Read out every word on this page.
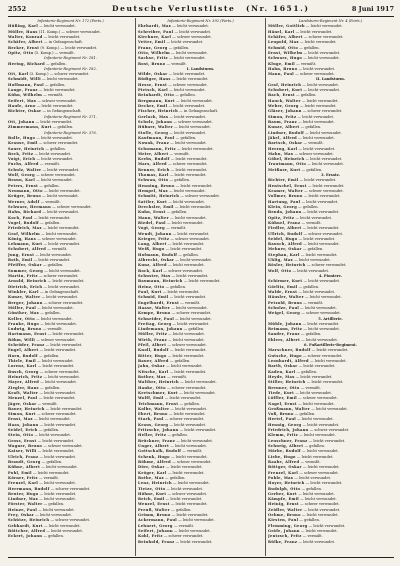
2552	Deutsche Verlustliste (Nr. 1651.)	8 Juni 1917
Infanterie-Regiment Nr. 172 (Forts.)
Hüßing, Karl — leicht verwundet.
Müller, Hans (11. Komp.) — schwer verwundet.
Walter, Konrad — leicht verwundet.
Schäfer, Albert — in Gefangenschaft.
Becker, Ernst (9. Komp.) — leicht verwundet.
Opitz, Otto (5. Komp.) — vermißt.
Infanterie-Regiment Nr. 181.
Hering, Richard — gefallen.
Infanterie-Regiment Nr. 182.
Ott, Karl (3. Komp.) — schwer verwundet.
Schmidt, Willi — leicht verwundet.
Hoffmann, Paul — gefallen.
Lange, Franz — leicht verwundet.
Kühn, Wilhelm — vermißt.
Seifert, Max — schwer verwundet.
Haufe, Arno — leicht verwundet.
Richter, Oskar — in Gefangenschaft.
Infanterie-Regiment Nr. 371.
Ott, Johann — leicht verwundet.
Zimmermann, Kurt — gefallen.
Infanterie-Regiment Nr. 376.
Bolle, Hugo — leicht verwundet.
Krause, Emil — schwer verwundet.
Sauer, Heinrich — gefallen.
Beck, Fritz — leicht verwundet.
Voigt, Erich — leicht verwundet.
Fuchs, Alfred — vermißt.
Schulz, Walter — leicht verwundet.
Wolf, Georg — schwer verwundet.
Braun, Karl — leicht verwundet.
Peters, Ernst — gefallen.
Neumann, Otto — leicht verwundet.
Krüger, Bruno — leicht verwundet.
Werner, Adolf — vermißt.
Schwarz, Hermann — schwer verwundet.
Hahn, Richard — leicht verwundet.
Koch, Paul — leicht verwundet.
Vogel, Rudolf — gefallen.
Friedrich, Max — leicht verwundet.
Graf, Wilhelm — leicht verwundet.
König, Hans — schwer verwundet.
Lehmann, Kurt — leicht verwundet.
Schubert, Alfred — vermißt.
Jung, Ernst — leicht verwundet.
Roth, Emil — leicht verwundet.
Pfeiffer, Oskar — gefallen.
Sommer, Georg — leicht verwundet.
Martin, Fritz — schwer verwundet.
Arnold, Heinrich — leicht verwundet.
Dietrich, Erich — leicht verwundet.
Winkler, Karl — in Gefangenschaft.
Kunze, Walter — leicht verwundet.
Berger, Johann — schwer verwundet.
Möller, Paul — leicht verwundet.
Günther, Max — gefallen.
Keller, Otto — leicht verwundet.
Franke, Hugo — leicht verwundet.
Ludwig, Bruno — vermißt.
Hartmann, Ernst — leicht verwundet.
Böhm, Willi — schwer verwundet.
Schröder, Franz — leicht verwundet.
Engel, Albert — leicht verwundet.
Horn, Rudolf — gefallen.
Thiele, Emil — leicht verwundet.
Lorenz, Karl — leicht verwundet.
Busch, Georg — schwer verwundet.
Heinrich, Fritz — leicht verwundet.
Mayer, Alfred — leicht verwundet.
Ziegler, Hans — gefallen.
Kraft, Walter — leicht verwundet.
Menzel, Paul — leicht verwundet.
Jäger, Oskar — vermißt.
Bauer, Heinrich — leicht verwundet.
Simon, Kurt — schwer verwundet.
Ernst, Max — leicht verwundet.
Haas, Johann — leicht verwundet.
Seidel, Erich — gefallen.
Stein, Otto — leicht verwundet.
Gross, Ernst — leicht verwundet.
Wagner, Bruno — schwer verwundet.
Kaiser, Willi — leicht verwundet.
Ulrich, Franz — leicht verwundet.
Brandt, Georg — gefallen.
Kühne, Albert — leicht verwundet.
Pohl, Emil — leicht verwundet.
Körner, Fritz — vermißt.
Frenzel, Karl — leicht verwundet.
Herrmann, Rudolf — schwer verwundet.
Reuter, Hugo — leicht verwundet.
Lindner, Max — leicht verwundet.
Förster, Walter — gefallen.
Heinze, Paul — leicht verwundet.
Frey, Oskar — leicht verwundet.
Schütze, Heinrich — schwer verwundet.
Gebhardt, Kurt — leicht verwundet.
Böttcher, Alfred — leicht verwundet.
Eckert, Johann — gefallen.
Infanterie-Regiment Nr. 392 (Forts.)
Ehrhardt, Max — leicht verwundet.
Schreiber, Paul — leicht verwundet.
Kirchner, Karl — schwer verwundet.
Vetter, Emil — leicht verwundet.
Franz, Georg — gefallen.
Otto, Wilhelm — leicht verwundet.
Sachse, Fritz — leicht verwundet.
Rost, Bruno — vermißt.
I. Landsturm.
Wilde, Oskar — leicht verwundet.
Rüdiger, Hans — leicht verwundet.
Hesse, Ernst — schwer verwundet.
Pietsch, Karl — leicht verwundet.
Reinhardt, Otto — gefallen.
Bergmann, Kurt — leicht verwundet.
Decker, Emil — leicht verwundet.
Fischer, Heinrich — in Gefangenschaft.
Gerlach, Max — leicht verwundet.
Scholz, Johann — schwer verwundet.
Hübner, Walter — leicht verwundet.
Stolle, Georg — leicht verwundet.
Kaufmann, Paul — gefallen.
Nowak, Franz — leicht verwundet.
Schumann, Fritz — leicht verwundet.
Meier, Albert — vermißt.
Krebs, Rudolf — leicht verwundet.
Marx, Alfred — schwer verwundet.
Renner, Erich — leicht verwundet.
Thomas, Karl — leicht verwundet.
Schwan, Otto — gefallen.
Henning, Bruno — leicht verwundet.
Hempel, Max — leicht verwundet.
Schmitt, Heinrich — schwer verwundet.
Sattler, Kurt — leicht verwundet.
Drechsler, Emil — leicht verwundet.
Kuhn, Ernst — gefallen.
Mann, Walter — leicht verwundet.
Riedel, Paul — leicht verwundet.
Vogt, Georg — vermißt.
Wendt, Johann — leicht verwundet.
Krieger, Fritz — schwer verwundet.
Lang, Albert — leicht verwundet.
Weiß, Hugo — leicht verwundet.
Hofmann, Rudolf — gefallen.
Albrecht, Oskar — leicht verwundet.
Kunz, Alfred — leicht verwundet.
Bock, Karl — schwer verwundet.
Schuster, Max — leicht verwundet.
Baumann, Heinrich — leicht verwundet.
Heinz, Otto — gefallen.
Paul, Kurt — leicht verwundet.
Schmid, Emil — leicht verwundet.
Engelhardt, Ernst — vermißt.
Haase, Walter — leicht verwundet.
Kempe, Bruno — schwer verwundet.
Schneider, Paul — leicht verwundet.
Freitag, Georg — leicht verwundet.
Lindemann, Johann — gefallen.
Müller, Fritz — leicht verwundet.
Wirth, Franz — leicht verwundet.
Pfeil, Albert — schwer verwundet.
Knoll, Rudolf — leicht verwundet.
Ritter, Hugo — leicht verwundet.
Bauer, Alfred — gefallen.
Jahn, Oskar — leicht verwundet.
Nitsche, Karl — leicht verwundet.
Rother, Max — vermißt.
Walther, Heinrich — leicht verwundet.
Hanke, Otto — schwer verwundet.
Kretschmer, Kurt — leicht verwundet.
Wolff, Emil — leicht verwundet.
Teichmann, Ernst — gefallen.
Kolbe, Walter — leicht verwundet.
Ebert, Bruno — leicht verwundet.
Stark, Paul — schwer verwundet.
Kraus, Georg — leicht verwundet.
Fritzsche, Johann — leicht verwundet.
Heller, Fritz — gefallen.
Brückner, Franz — leicht verwundet.
Unger, Albert — leicht verwundet.
Gottschalk, Rudolf — vermißt.
Schenk, Hugo — leicht verwundet.
Böhme, Alfred — schwer verwundet.
Dörr, Oskar — leicht verwundet.
Kröger, Karl — leicht verwundet.
Rothe, Max — gefallen.
Lenz, Heinrich — leicht verwundet.
Tietze, Otto — leicht verwundet.
Höhne, Kurt — schwer verwundet.
Reich, Emil — leicht verwundet.
Wenzel, Ernst — leicht verwundet.
Preuß, Walter — gefallen.
Grimm, Bruno — leicht verwundet.
Ackermann, Paul — leicht verwundet.
Lehnert, Georg — vermißt.
Seifert, Johann — leicht verwundet.
Kohl, Fritz — schwer verwundet.
Reinhold, Franz — leicht verwundet.
Landsturm-Regiment Nr. 4 (Forts.)
Müller, Gottlieb — leicht verwundet.
Hänel, Karl — leicht verwundet.
Schäfer, Albert — schwer verwundet.
Leupold, Max — leicht verwundet.
Schmid, Otto — gefallen.
Ernst, Wilhelm — leicht verwundet.
Schwarz, Hugo — leicht verwundet.
Kluge, Emil — vermißt.
Hahn, Bruno — leicht verwundet.
Mann, Paul — schwer verwundet.
II. Landsturm.
Graf, Heinrich — leicht verwundet.
Schubert, Kurt — leicht verwundet.
Bach, Ernst — gefallen.
Hauck, Walter — leicht verwundet.
Weber, Georg — leicht verwundet.
Gläser, Johann — schwer verwundet.
Simon, Fritz — leicht verwundet.
Baum, Franz — leicht verwundet.
Kunze, Albert — gefallen.
Lindner, Rudolf — leicht verwundet.
Jäkel, Alfred — leicht verwundet.
Bartsch, Oskar — vermißt.
Herzog, Karl — leicht verwundet.
Mahn, Max — schwer verwundet.
Göbel, Heinrich — leicht verwundet.
Trautmann, Otto — leicht verwundet.
Meißner, Kurt — gefallen.
3. Ersatz.
Richter, Emil — leicht verwundet.
Hentschel, Ernst — leicht verwundet.
Kramer, Walter — schwer verwundet.
Vollmer, Bruno — leicht verwundet.
Hartung, Paul — leicht verwundet.
Klein, Georg — gefallen.
Benda, Johann — leicht verwundet.
Opitz, Fritz — leicht verwundet.
Kühnel, Franz — vermißt.
Fiedler, Albert — leicht verwundet.
Ullrich, Rudolf — schwer verwundet.
Seidel, Hugo — leicht verwundet.
Rausch, Alfred — leicht verwundet.
Mehner, Oskar — gefallen.
Stephan, Karl — leicht verwundet.
Uhlig, Max — leicht verwundet.
Rösler, Heinrich — schwer verwundet.
Wolf, Otto — leicht verwundet.
4. Pioniere.
Schirmer, Kurt — leicht verwundet.
Görlitz, Emil — gefallen.
Walde, Ernst — leicht verwundet.
Häusler, Walter — leicht verwundet.
Petzold, Bruno — vermißt.
Schulze, Paul — leicht verwundet.
Weigel, Georg — schwer verwundet.
5. Artillerie.
Mühle, Johann — leicht verwundet.
Reimann, Fritz — leicht verwundet.
Sander, Franz — gefallen.
Ehlers, Albert — leicht verwundet.
6. Fußartillerie-Regiment.
Marschner, Rudolf — leicht verwundet.
Gutsche, Hugo — schwer verwundet.
Leonhardt, Alfred — leicht verwundet.
Barth, Oskar — leicht verwundet.
Kaden, Karl — gefallen.
Heyde, Max — leicht verwundet.
Stiller, Heinrich — leicht verwundet.
Brenner, Otto — vermißt.
Tiede, Kurt — leicht verwundet.
Löffler, Emil — schwer verwundet.
Nagel, Ernst — leicht verwundet.
Großmann, Walter — leicht verwundet.
Voß, Bruno — gefallen.
Hertel, Paul — leicht verwundet.
Hennig, Georg — leicht verwundet.
Friedrich, Johann — schwer verwundet.
Klemm, Fritz — leicht verwundet.
Leuschner, Franz — leicht verwundet.
Schurig, Albert — gefallen.
Mörbe, Rudolf — leicht verwundet.
Liebe, Hugo — leicht verwundet.
Raabe, Alfred — vermißt.
Böttger, Oskar — leicht verwundet.
Frenzel, Karl — schwer verwundet.
Pohle, Max — leicht verwundet.
Hoyer, Heinrich — leicht verwundet.
Rudolph, Otto — gefallen.
Gerber, Kurt — leicht verwundet.
Kämpfe, Emil — leicht verwundet.
Heinig, Ernst — schwer verwundet.
Zeidler, Walter — leicht verwundet.
Oehme, Bruno — leicht verwundet.
Kirsten, Paul — gefallen.
Flemming, Georg — leicht verwundet.
Gräfe, Johann — leicht verwundet.
Jentzsch, Fritz — vermißt.
Rülke, Franz — leicht verwundet.
